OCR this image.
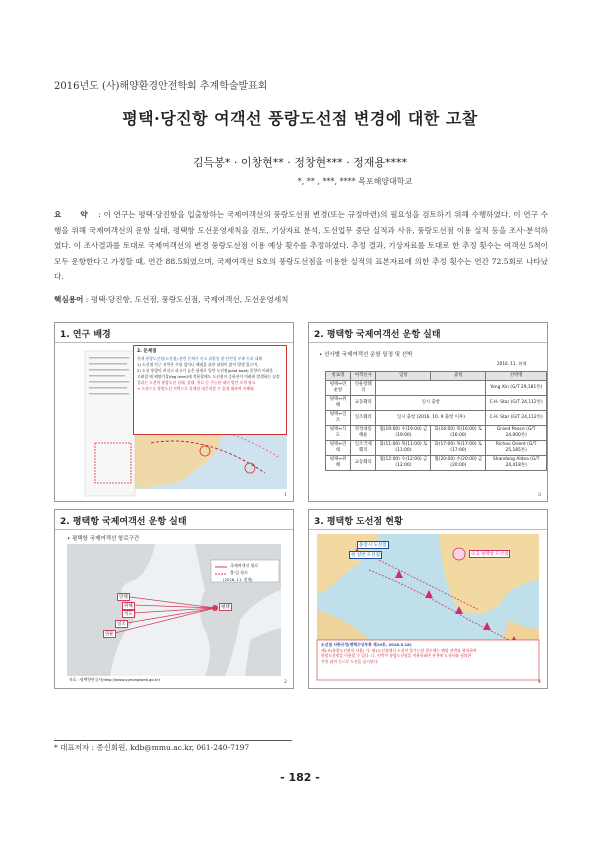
2016년도 (사)해양환경안전학회 추계학술발표회
평택·당진항 여객선 풍랑도선점 변경에 대한 고찰
김득봉* · 이창현** · 정창현*** · 정재용****
*, ** , ***, **** 목포해양대학교
요 약 : 이 연구는 평택·당진항을 입출항하는 국제여객선의 풍랑도선점 변경(또는 규정마련)의 필요성을 검토하기 위해 수행하였다. 이 연구 수행을 위해 국제여객선의 운항 실태, 평택항 도선운영세칙을 검토, 기상자료 분석, 도선업무 중단 실적과 사유, 풍랑도선점 이용 실적 등을 조사·분석하였다. 이 조사결과를 토대로 국제여객선의 변경 풍랑도선점 이용 예상 횟수를 추정하였다. 추정 결과, 기상자료를 토대로 한 추정 횟수는 여객선 5척이 모두 운항한다고 가정할 때, 연간 88.5회였으며, 국제여객선 S호의 풍랑도선점을 이용한 실적의 표본자료에 의한 추정 횟수는 연간 72.5회로 나타났다.
핵심용어 : 평택·당진항, 도선점, 풍랑도선점, 국제여객선, 도선운영세칙
1. 연구 배경
2. 문제점
현재 풍랑도선점(도선점) 관련 문제가 사고 위험성 및 안전성 부족 등과 대해
1) 도선점 인근 지역은 주위 섬이나 해협을 위한 위험이 많이 발생 있으며,
2) 도선 풍랑이 커지고 파고가 높은 관계로 일반 도선점(pilot boat) 운항이 어려운
고려할 때 해양기상(fog level)에 적용할때도 도선점이 승하선이 어려워 발생하는 실정
결과는 도선의 풍랑도선 실태, 상태, 항로 등 가능한 대비 방안 모색 필요
→ 도선으로 풍랑도선 지역으로 실제상 대응처할 수 있게 대하여 이해됨
1
2. 평택항 국제여객선 운항 실태
• 선사별 국제여객선 운항 일정 및 선박
2016. 11. 현재
항로명	여객선사	입항	출항	선박명
평택↔연운항	연운항훼리			Yong Xin (G/T 29,181톤)
평택↔위해	교동훼리	일시 출항		C-H. Star (G/T 24,112톤)
평택↔일조	일조훼리	일시 출항 (2016. 10. 9 출항 이후)		C-H. Star (G/T 24,112톤)
평택↔석도	영성대룡해운	월(19:00) 수(19:00) 금(19:00)	화(16:00) 목(16:00) 토(16:00)	Grand Peace (G/T 24,000톤)
평택↔연태	일조국제훼리	화(11:00) 목(11:00) 토(11:00)	화(17:00) 목(17:00) 토(17:00)	Richao Orient (G/T 25,185톤)
평택↔위해	교동훼리	월(12:00) 수(12:00) 금(12:00)	월(20:00) 수(20:00) 금(20:00)	Shandong Aldea (G/T 24,418톤)
3
2. 평택항 국제여객선 운항 실태
• 평택항 국제여객선 항로구간
국제여객선 항로
출·입 항로
(2016. 11. 현재)
연태
위해
석도
일조
연운
평택
자료 : 평택항만공사(http://www.pyeongtaek.go.kr)	2
3. 평택항 도선점 현황
풍랑시 도선점
현 일반 도선점	①-2 평택항 도선점
도선점 사항규정(평택수상부록 제19호, 2016.5.18)
제1조(풍랑도선점의 사용) 가. 제1도선점에서 도선이 불가능한 경우에는 해당 선박과 협의하여
풍랑도선점을 이용할 수 있다. 나. 선박이 풍랑도선점을 이용하려면 사전에 도선사와 협의한
가항 위치 등으로 도선을 실시한다.
4
* 대표저자 : 종신회원, kdb@mmu.ac.kr, 061-240-7197
- 182 -
